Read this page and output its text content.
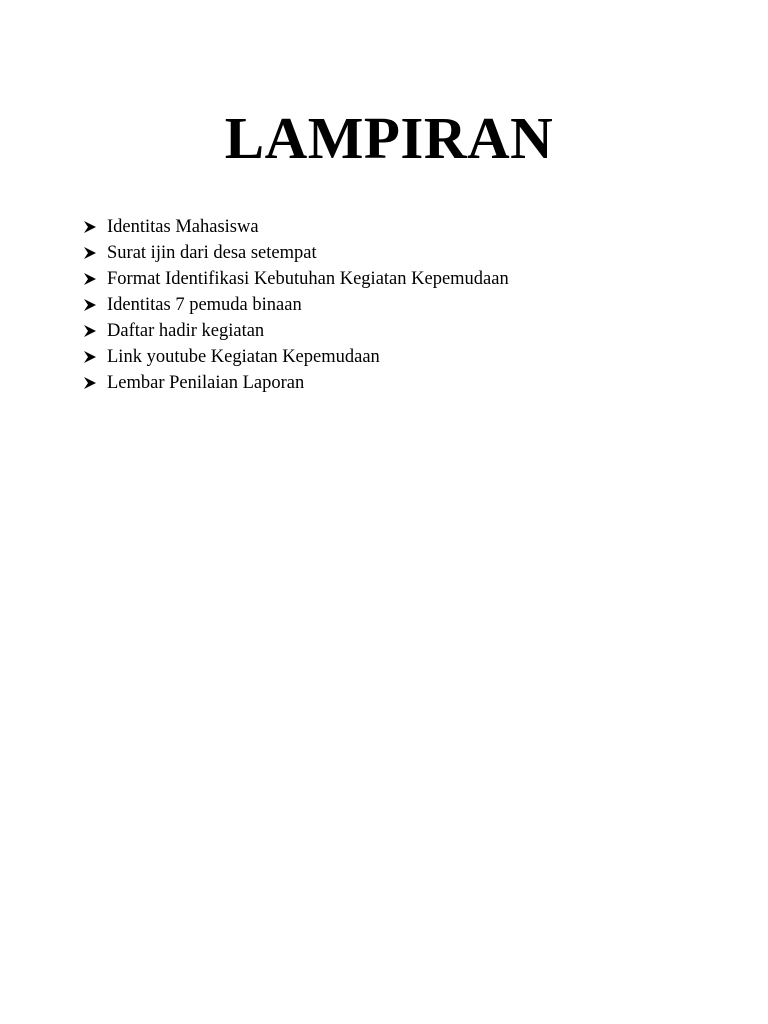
LAMPIRAN
Identitas Mahasiswa
Surat ijin dari desa setempat
Format Identifikasi Kebutuhan Kegiatan Kepemudaan
Identitas 7 pemuda binaan
Daftar hadir kegiatan
Link youtube Kegiatan Kepemudaan
Lembar Penilaian Laporan
